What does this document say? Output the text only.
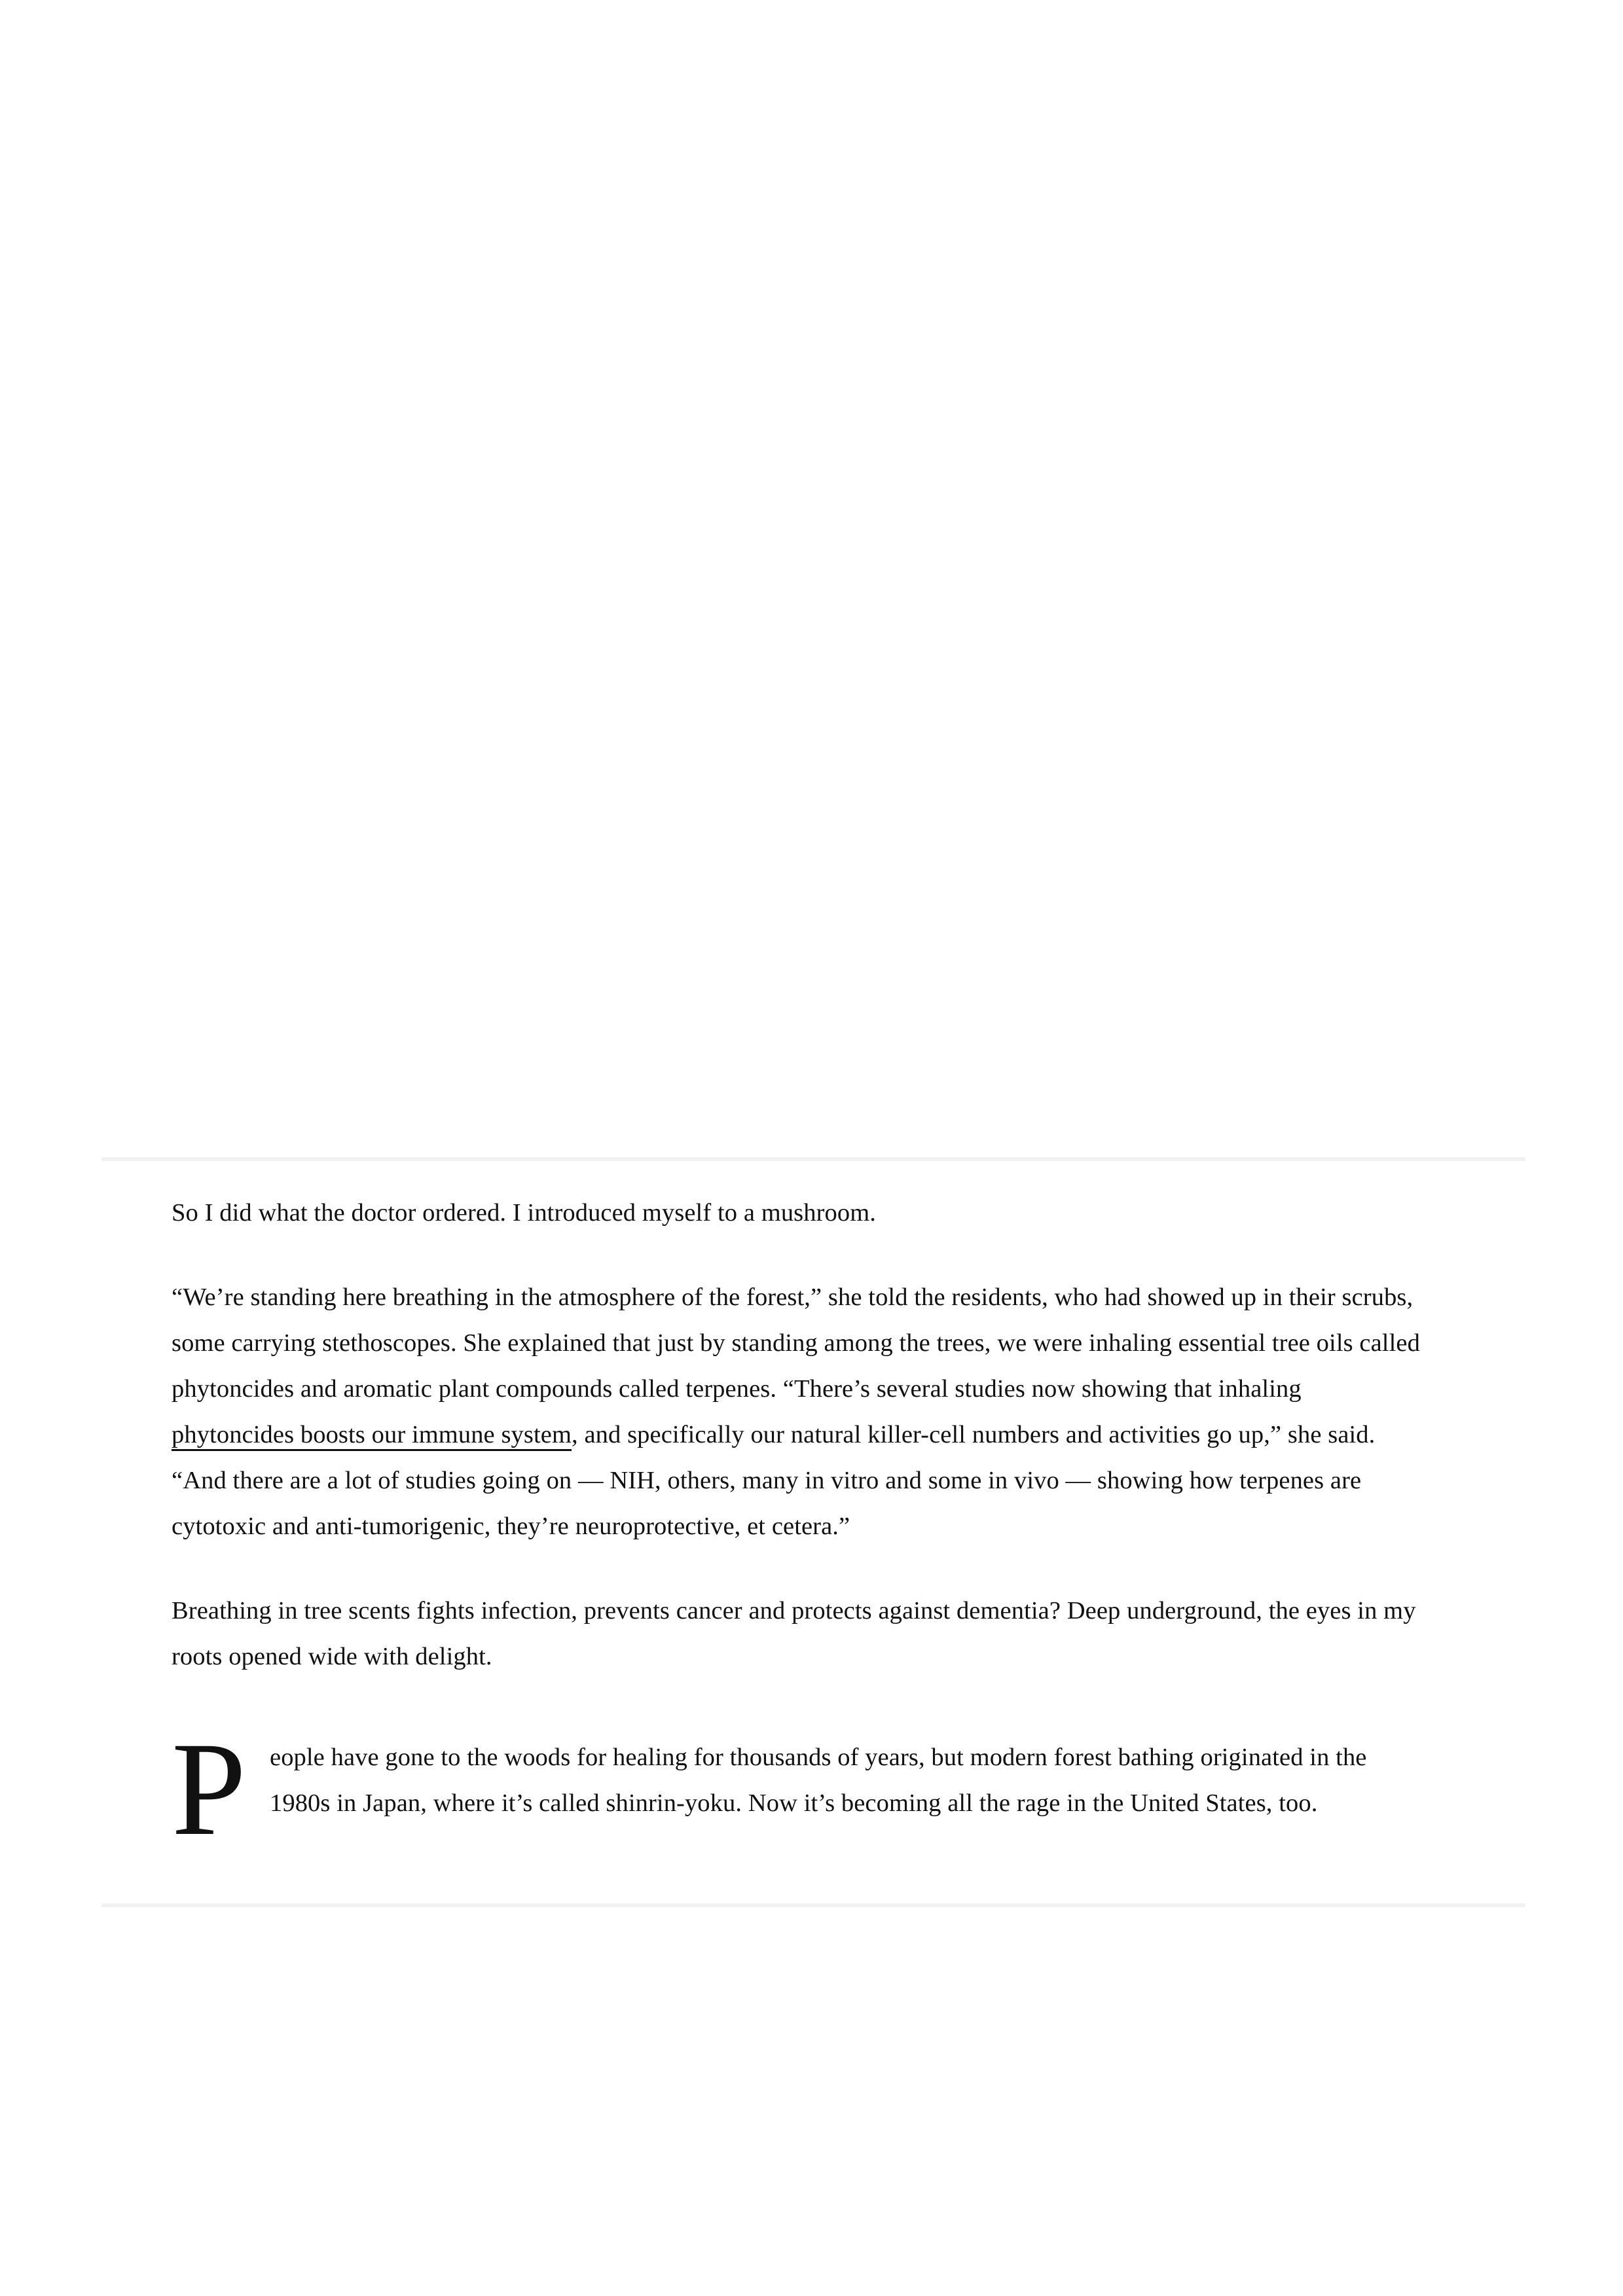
So I did what the doctor ordered. I introduced myself to a mushroom.

“We’re standing here breathing in the atmosphere of the forest,” she told the residents, who had showed up in their scrubs, some carrying stethoscopes. She explained that just by standing among the trees, we were inhaling essential tree oils called phytoncides and aromatic plant compounds called terpenes. “There’s several studies now showing that inhaling phytoncides boosts our immune system, and specifically our natural killer-cell numbers and activities go up,” she said. “And there are a lot of studies going on — NIH, others, many in vitro and some in vivo — showing how terpenes are cytotoxic and anti-tumorigenic, they’re neuroprotective, et cetera.”

Breathing in tree scents fights infection, prevents cancer and protects against dementia? Deep underground, the eyes in my roots opened wide with delight.

P eople have gone to the woods for healing for thousands of years, but modern forest bathing originated in the 1980s in Japan, where it’s called shinrin-yoku. Now it’s becoming all the rage in the United States, too.
